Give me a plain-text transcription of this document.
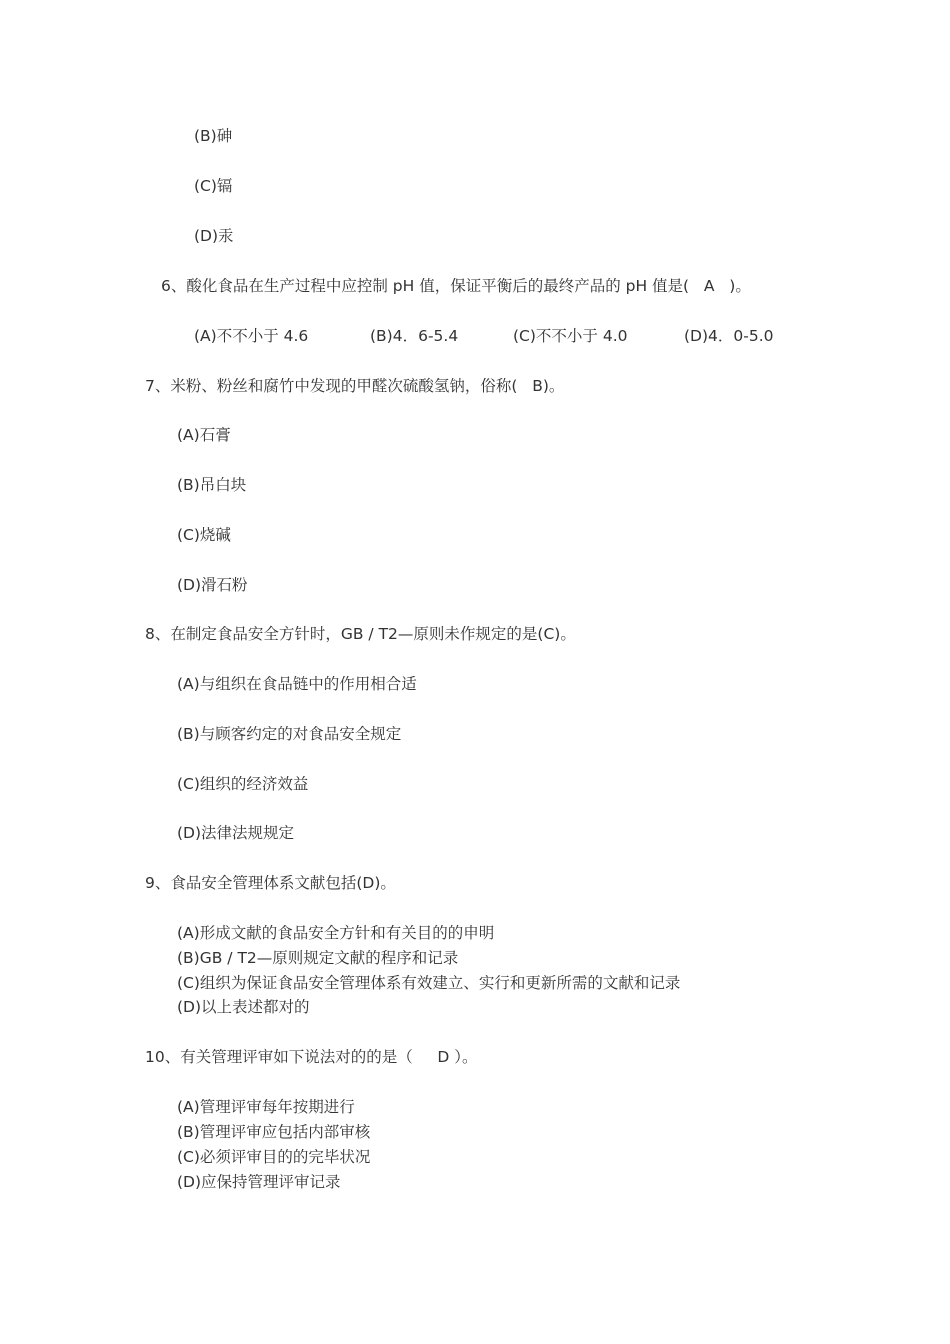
(B)砷
(C)镉
(D)汞
6、酸化食品在生产过程中应控制 pH 值，保证平衡后的最终产品的 pH 值是(   A   )。
(A)不不小于 4.6	(B)4．6-5.4	(C)不不小于 4.0	(D)4．0-5.0
7、米粉、粉丝和腐竹中发现的甲醛次硫酸氢钠，俗称(   B)。
(A)石膏
(B)吊白块
(C)烧碱
(D)滑石粉
8、在制定食品安全方针时，GB / T2—原则未作规定的是(C)。
(A)与组织在食品链中的作用相合适
(B)与顾客约定的对食品安全规定
(C)组织的经济效益
(D)法律法规规定
9、食品安全管理体系文献包括(D)。
(A)形成文献的食品安全方针和有关目的的申明
(B)GB / T2—原则规定文献的程序和记录
(C)组织为保证食品安全管理体系有效建立、实行和更新所需的文献和记录
(D)以上表述都对的
10、有关管理评审如下说法对的的是（     D ）。
(A)管理评审每年按期进行
(B)管理评审应包括内部审核
(C)必须评审目的的完毕状况
(D)应保持管理评审记录
